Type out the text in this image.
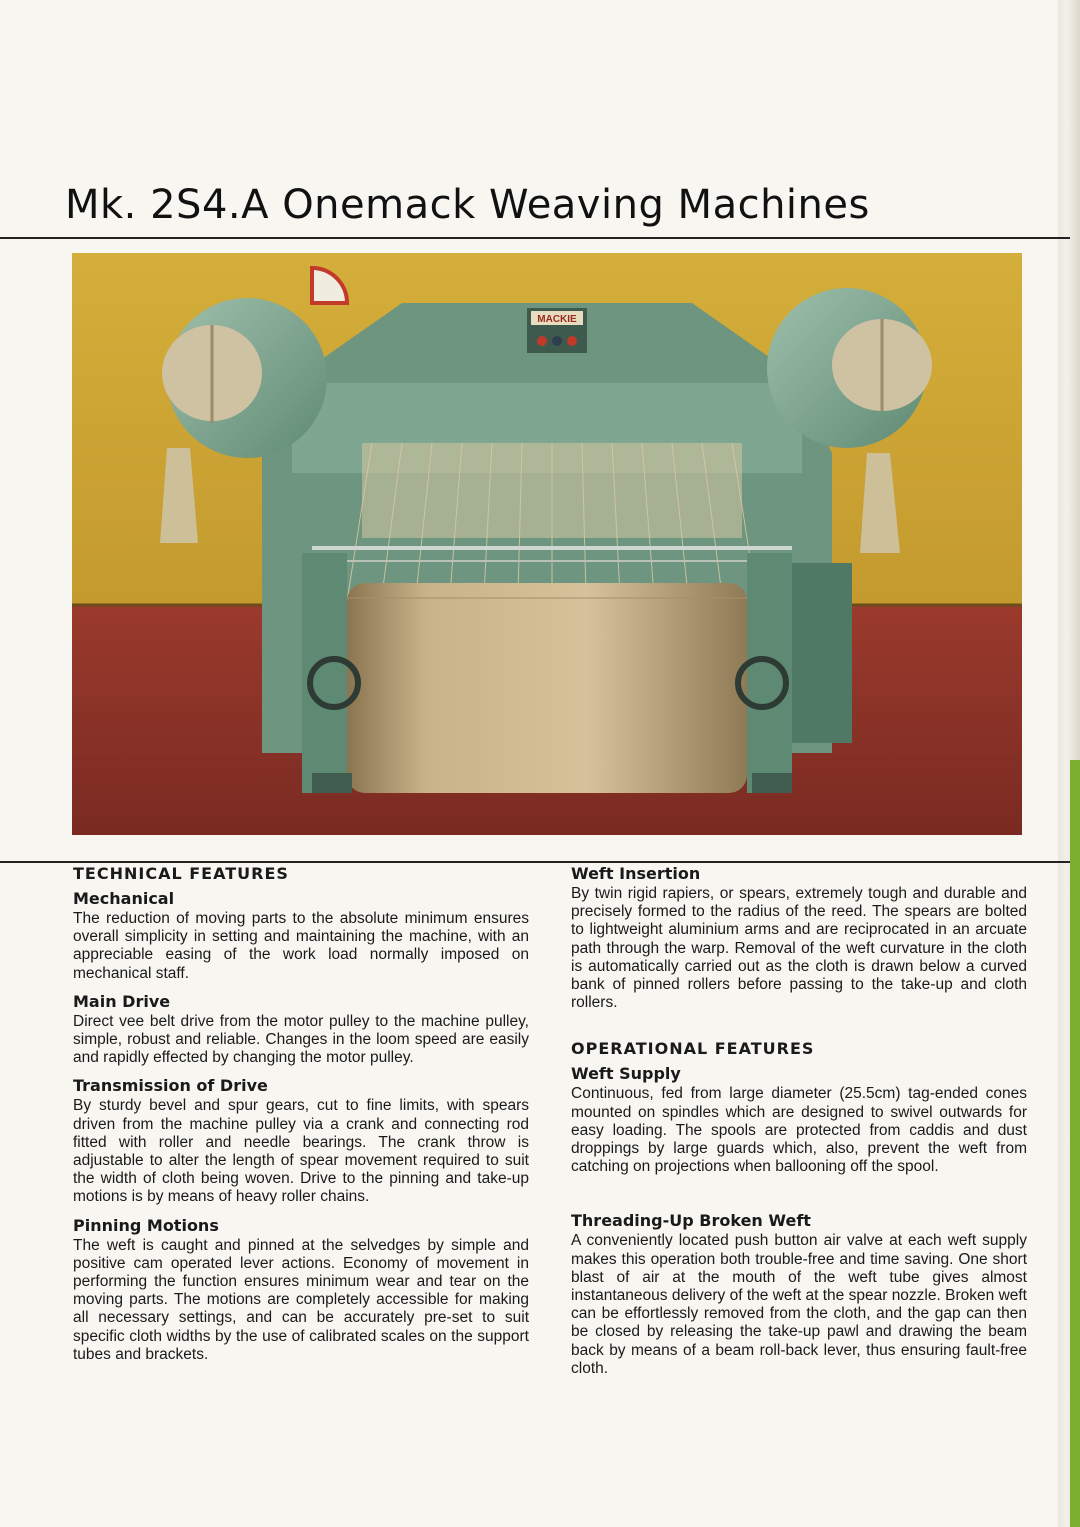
Mk. 2S4.A Onemack Weaving Machines
MACKIE
TECHNICAL FEATURES
Mechanical

The reduction of moving parts to the absolute minimum ensures overall simplicity in setting and maintaining the machine, with an appreciable easing of the work load normally imposed on mechanical staff.

Main Drive

Direct vee belt drive from the motor pulley to the machine pulley, simple, robust and reliable. Changes in the loom speed are easily and rapidly effected by changing the motor pulley.

Transmission of Drive

By sturdy bevel and spur gears, cut to fine limits, with spears driven from the machine pulley via a crank and connecting rod fitted with roller and needle bearings. The crank throw is adjustable to alter the length of spear movement required to suit the width of cloth being woven. Drive to the pinning and take-up motions is by means of heavy roller chains.

Pinning Motions

The weft is caught and pinned at the selvedges by simple and positive cam operated lever actions. Economy of movement in performing the function ensures minimum wear and tear on the moving parts. The motions are completely accessible for making all necessary settings, and can be accurately pre-set to suit specific cloth widths by the use of calibrated scales on the support tubes and brackets.

Weft Insertion

By twin rigid rapiers, or spears, extremely tough and durable and precisely formed to the radius of the reed. The spears are bolted to lightweight aluminium arms and are reciprocated in an arcuate path through the warp. Removal of the weft curvature in the cloth is automatically carried out as the cloth is drawn below a curved bank of pinned rollers before passing to the take-up and cloth rollers.

OPERATIONAL FEATURES
Weft Supply

Continuous, fed from large diameter (25.5cm) tag-ended cones mounted on spindles which are designed to swivel outwards for easy loading. The spools are protected from caddis and dust droppings by large guards which, also, prevent the weft from catching on projections when ballooning off the spool.

Threading-Up Broken Weft

A conveniently located push button air valve at each weft supply makes this operation both trouble-free and time saving. One short blast of air at the mouth of the weft tube gives almost instantaneous delivery of the weft at the spear nozzle. Broken weft can be effortlessly removed from the cloth, and the gap can then be closed by releasing the take-up pawl and drawing the beam back by means of a beam roll-back lever, thus ensuring fault-free cloth.
